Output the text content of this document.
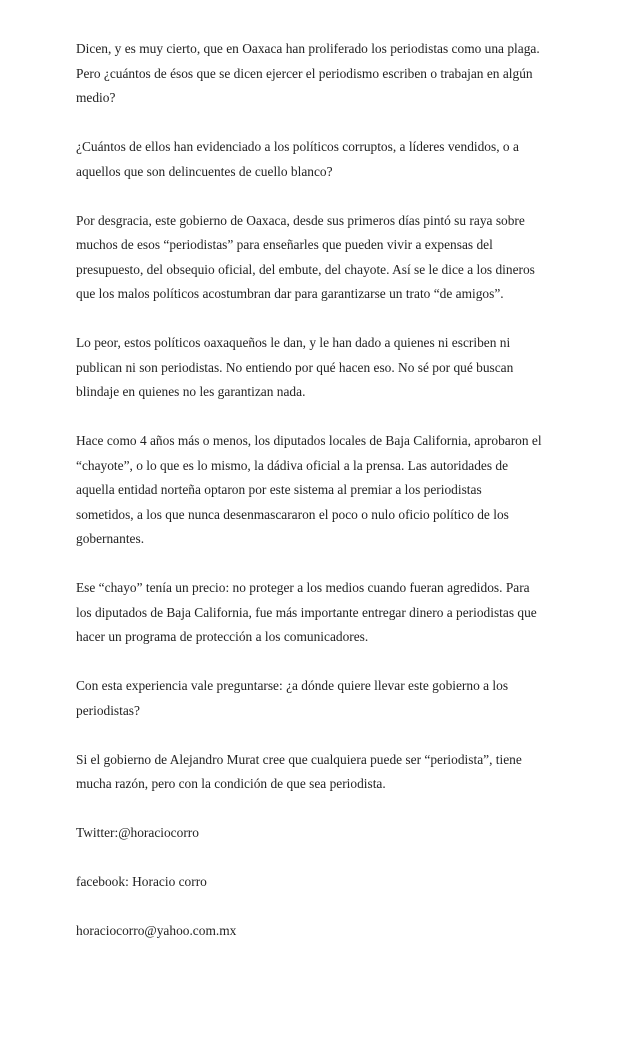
Dicen, y es muy cierto, que en Oaxaca han proliferado los periodistas como una plaga.
Pero ¿cuántos de ésos que se dicen ejercer el periodismo escriben o trabajan en algún
medio?

¿Cuántos de ellos han evidenciado a los políticos corruptos, a líderes vendidos, o a
aquellos que son delincuentes de cuello blanco?

Por desgracia, este gobierno de Oaxaca, desde sus primeros días pintó su raya sobre
muchos de esos “periodistas” para enseñarles que pueden vivir a expensas del
presupuesto, del obsequio oficial, del embute, del chayote. Así se le dice a los dineros
que los malos políticos acostumbran dar para garantizarse un trato “de amigos”.

Lo peor, estos políticos oaxaqueños le dan, y le han dado a quienes ni escriben ni
publican ni son periodistas. No entiendo por qué hacen eso. No sé por qué buscan
blindaje en quienes no les garantizan nada.

Hace como 4 años más o menos, los diputados locales de Baja California, aprobaron el
“chayote”, o lo que es lo mismo, la dádiva oficial a la prensa. Las autoridades de
aquella entidad norteña optaron por este sistema al premiar a los periodistas
sometidos, a los que nunca desenmascararon el poco o nulo oficio político de los
gobernantes.

Ese “chayo” tenía un precio: no proteger a los medios cuando fueran agredidos. Para
los diputados de Baja California, fue más importante entregar dinero a periodistas que
hacer un programa de protección a los comunicadores.

Con esta experiencia vale preguntarse: ¿a dónde quiere llevar este gobierno a los
periodistas?

Si el gobierno de Alejandro Murat cree que cualquiera puede ser “periodista”, tiene
mucha razón, pero con la condición de que sea periodista.

Twitter:@horaciocorro

facebook: Horacio corro

horaciocorro@yahoo.com.mx
